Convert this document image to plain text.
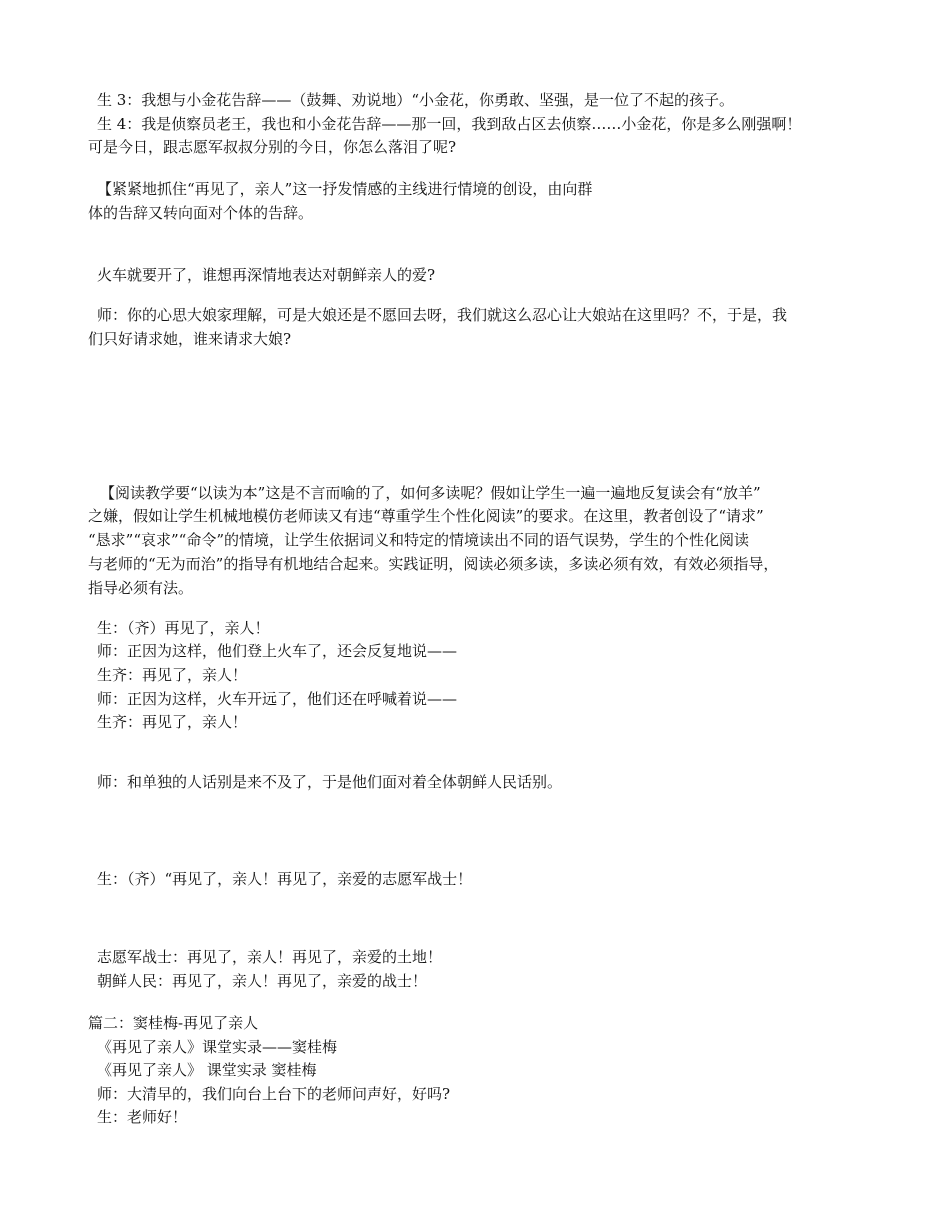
生 3：我想与小金花告辞——（鼓舞、劝说地）“小金花，你勇敢、坚强，是一位了不起的孩子。
生 4：我是侦察员老王，我也和小金花告辞——那一回，我到敌占区去侦察……小金花，你是多么刚强啊！
可是今日，跟志愿军叔叔分别的今日，你怎么落泪了呢?
【紧紧地抓住“再见了，亲人”这一抒发情感的主线进行情境的创设，由向群
体的告辞又转向面对个体的告辞。
火车就要开了，谁想再深情地表达对朝鲜亲人的爱?
师：你的心思大娘家理解，可是大娘还是不愿回去呀，我们就这么忍心让大娘站在这里吗？不，于是，我
们只好请求她，谁来请求大娘?
【阅读教学要“以读为本”这是不言而喻的了，如何多读呢？假如让学生一遍一遍地反复读会有“放羊”
之嫌，假如让学生机械地模仿老师读又有违“尊重学生个性化阅读”的要求。在这里，教者创设了“请求”
“恳求”“哀求”“命令”的情境，让学生依据词义和特定的情境读出不同的语气误势，学生的个性化阅读
与老师的“无为而治”的指导有机地结合起来。实践证明，阅读必须多读，多读必须有效，有效必须指导，
指导必须有法。
生：（齐）再见了，亲人！
师：正因为这样，他们登上火车了，还会反复地说——
生齐：再见了，亲人！
师：正因为这样，火车开远了，他们还在呼喊着说——
生齐：再见了，亲人！
师：和单独的人话别是来不及了，于是他们面对着全体朝鲜人民话别。
生：（齐）“再见了，亲人！再见了，亲爱的志愿军战士！
志愿军战士：再见了，亲人！再见了，亲爱的土地！
朝鲜人民：再见了，亲人！再见了，亲爱的战士！
篇二：窦桂梅-再见了亲人
《再见了亲人》课堂实录——窦桂梅
《再见了亲人》 课堂实录 窦桂梅
师：大清早的，我们向台上台下的老师问声好，好吗?
生：老师好！
